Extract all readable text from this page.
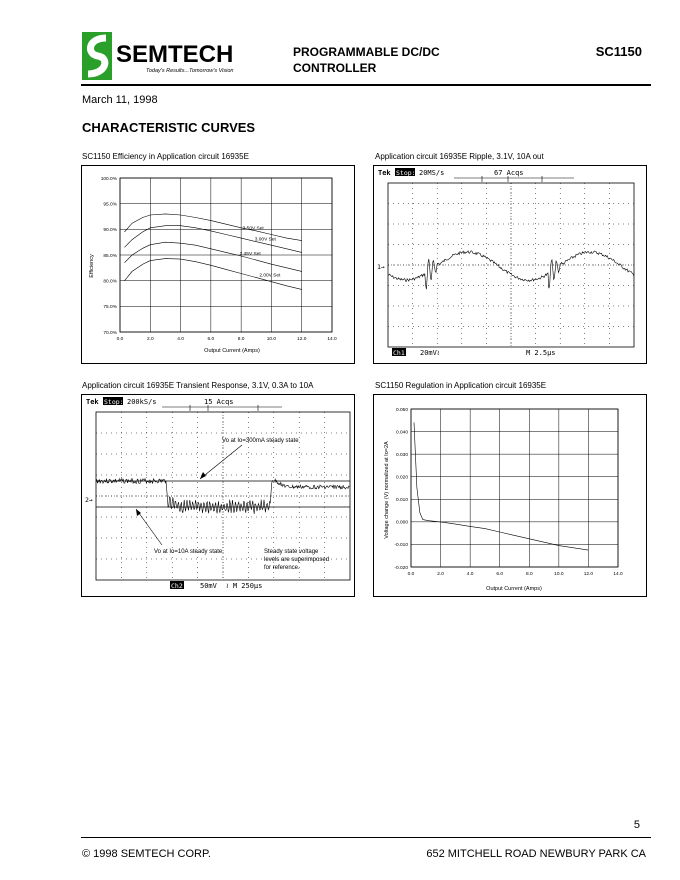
SEMTECH
Today's Results...Tomorrow's Vision
PROGRAMMABLE DC/DC
CONTROLLER
SC1150
March 11, 1998
CHARACTERISTIC CURVES
SC1150 Efficiency in Application circuit 16935E
0.0	2.0	4.0	6.0	8.0	10.0	12.0	14.0
70.0%
75.0%
80.0%
85.0%
90.0%
95.0%
100.0%
3.50V Set
3.00V Set
2.45V Set
2.00V Set
Output Current (Amps)
Efficiency
Application circuit 16935E Ripple, 3.1V, 10A out
Tek Stop: 20MS/s	67 Acqs
1→
Ch1 20mV≀	M 2.5µs
Application circuit 16935E Transient Response, 3.1V, 0.3A to 10A
Tek Stop: 200kS/s	15 Acqs
2→
Vo at Io=300mA steady state
Vo at Io=10A steady state	Steady state voltage
levels are superimposed
for reference.
Ch2 50mV ≀ M 250µs
SC1150 Regulation in Application circuit 16935E
0.0	2.0	4.0	6.0	8.0	10.0	12.0	14.0
-0.020
-0.010
0.000
0.010
0.020
0.030
0.040
0.050
Output Current (Amps)
Voltage change (V) normalized at Io=2A
5
© 1998 SEMTECH CORP.	652 MITCHELL ROAD NEWBURY PARK CA
